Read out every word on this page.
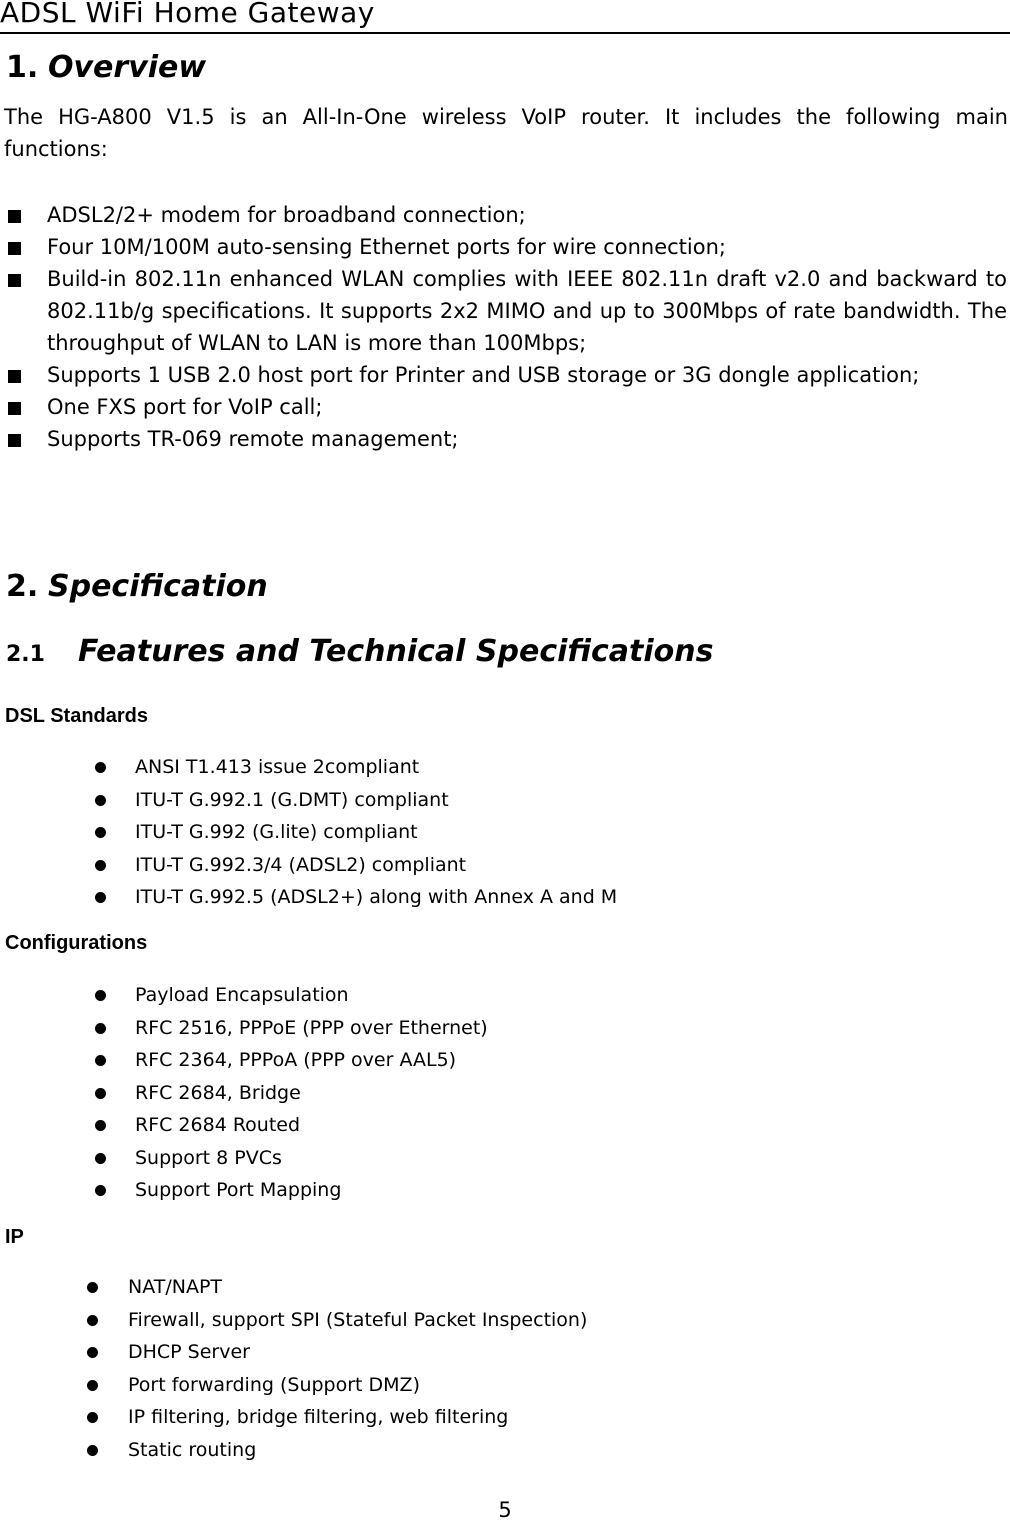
ADSL WiFi Home Gateway
1. Overview
The HG-A800 V1.5 is an All-In-One wireless VoIP router. It includes the following main functions:
ADSL2/2+ modem for broadband connection;
Four 10M/100M auto-sensing Ethernet ports for wire connection;
Build-in 802.11n enhanced WLAN complies with IEEE 802.11n draft v2.0 and backward to 802.11b/g specifications. It supports 2x2 MIMO and up to 300Mbps of rate bandwidth. The throughput of WLAN to LAN is more than 100Mbps;
Supports 1 USB 2.0 host port for Printer and USB storage or 3G dongle application;
One FXS port for VoIP call;
Supports TR-069 remote management;
2. Specification
2.1 Features and Technical Specifications
DSL Standards
ANSI T1.413 issue 2compliant
ITU-T G.992.1 (G.DMT) compliant
ITU-T G.992 (G.lite) compliant
ITU-T G.992.3/4 (ADSL2) compliant
ITU-T G.992.5 (ADSL2+) along with Annex A and M
Configurations
Payload Encapsulation
RFC 2516, PPPoE (PPP over Ethernet)
RFC 2364, PPPoA (PPP over AAL5)
RFC 2684, Bridge
RFC 2684 Routed
Support 8 PVCs
Support Port Mapping
IP
NAT/NAPT
Firewall, support SPI (Stateful Packet Inspection)
DHCP Server
Port forwarding (Support DMZ)
IP filtering, bridge filtering, web filtering
Static routing
5
